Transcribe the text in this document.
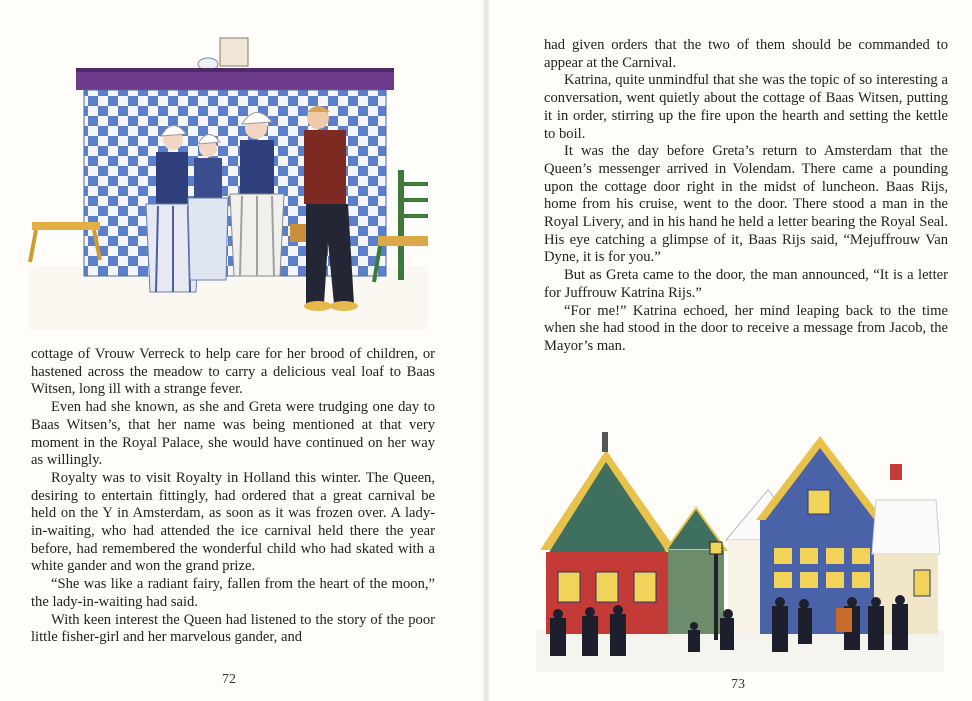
cottage of Vrouw Verreck to help care for her brood of children, or hastened across the meadow to carry a delicious veal loaf to Baas Witsen, long ill with a strange fever.

Even had she known, as she and Greta were trudging one day to Baas Witsen’s, that her name was being mentioned at that very moment in the Royal Palace, she would have continued on her way as willingly.

Royalty was to visit Royalty in Holland this winter. The Queen, desiring to entertain fittingly, had ordered that a great carnival be held on the Y in Amsterdam, as soon as it was frozen over. A lady-in-waiting, who had attended the ice carnival held there the year before, had remembered the wonderful child who had skated with a white gander and won the grand prize.

“She was like a radiant fairy, fallen from the heart of the moon,” the lady-in-waiting had said.

With keen interest the Queen had listened to the story of the poor little fisher-girl and her marvelous gander, and

72

had given orders that the two of them should be commanded to appear at the Carnival.

Katrina, quite unmindful that she was the topic of so interesting a conversation, went quietly about the cottage of Baas Witsen, putting it in order, stirring up the fire upon the hearth and setting the kettle to boil.

It was the day before Greta’s return to Amsterdam that the Queen’s messenger arrived in Volendam. There came a pounding upon the cottage door right in the midst of luncheon. Baas Rijs, home from his cruise, went to the door. There stood a man in the Royal Livery, and in his hand he held a letter bearing the Royal Seal. His eye catching a glimpse of it, Baas Rijs said, “Mejuffrouw Van Dyne, it is for you.”

But as Greta came to the door, the man announced, “It is a letter for Juffrouw Katrina Rijs.”

“For me!” Katrina echoed, her mind leaping back to the time when she had stood in the door to receive a message from Jacob, the Mayor’s man.

73
